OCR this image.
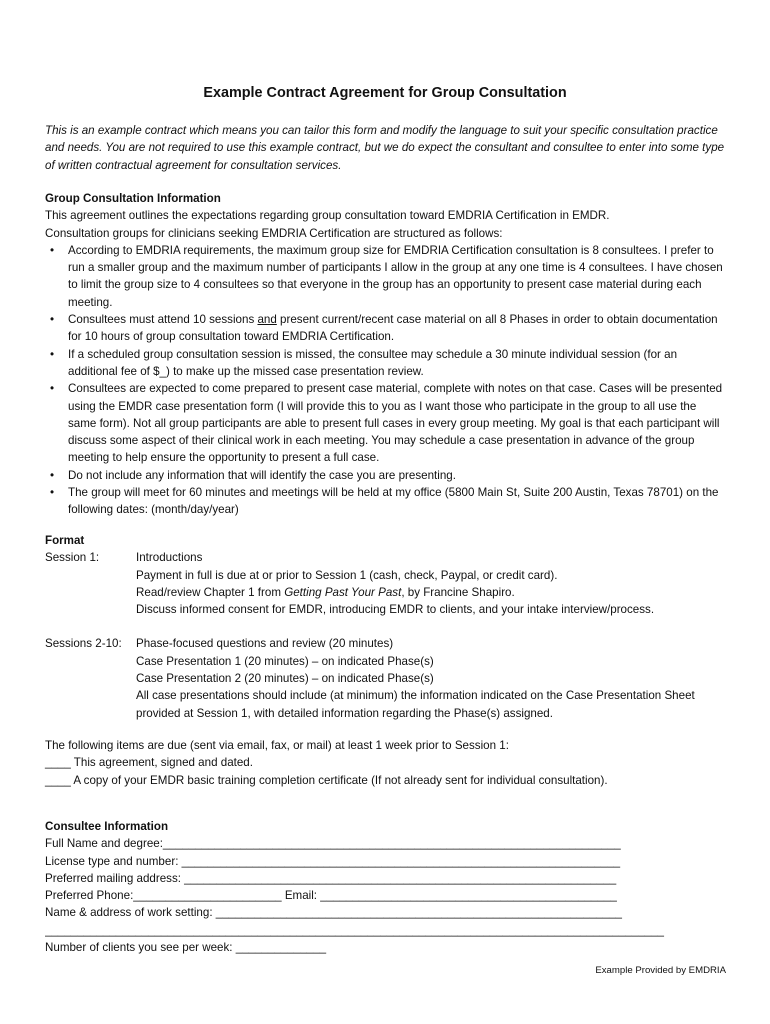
Example Contract Agreement for Group Consultation
This is an example contract which means you can tailor this form and modify the language to suit your specific consultation practice and needs. You are not required to use this example contract, but we do expect the consultant and consultee to enter into some type of written contractual agreement for consultation services.
Group Consultation Information
This agreement outlines the expectations regarding group consultation toward EMDRIA Certification in EMDR.
Consultation groups for clinicians seeking EMDRIA Certification are structured as follows:
• According to EMDRIA requirements, the maximum group size for EMDRIA Certification consultation is 8 consultees. I prefer to run a smaller group and the maximum number of participants I allow in the group at any one time is 4 consultees. I have chosen to limit the group size to 4 consultees so that everyone in the group has an opportunity to present case material during each meeting.
• Consultees must attend 10 sessions and present current/recent case material on all 8 Phases in order to obtain documentation for 10 hours of group consultation toward EMDRIA Certification.
• If a scheduled group consultation session is missed, the consultee may schedule a 30 minute individual session (for an additional fee of $_) to make up the missed case presentation review.
• Consultees are expected to come prepared to present case material, complete with notes on that case. Cases will be presented using the EMDR case presentation form (I will provide this to you as I want those who participate in the group to all use the same form). Not all group participants are able to present full cases in every group meeting. My goal is that each participant will discuss some aspect of their clinical work in each meeting. You may schedule a case presentation in advance of the group meeting to help ensure the opportunity to present a full case.
• Do not include any information that will identify the case you are presenting.
• The group will meet for 60 minutes and meetings will be held at my office (5800 Main St, Suite 200 Austin, Texas 78701) on the following dates: (month/day/year)
Format
Session 1:	Introductions
Payment in full is due at or prior to Session 1 (cash, check, Paypal, or credit card).
Read/review Chapter 1 from Getting Past Your Past, by Francine Shapiro.
Discuss informed consent for EMDR, introducing EMDR to clients, and your intake interview/process.
Sessions 2-10:	Phase-focused questions and review (20 minutes)
Case Presentation 1 (20 minutes) – on indicated Phase(s)
Case Presentation 2 (20 minutes) – on indicated Phase(s)
All case presentations should include (at minimum) the information indicated on the Case Presentation Sheet provided at Session 1, with detailed information regarding the Phase(s) assigned.
The following items are due (sent via email, fax, or mail) at least 1 week prior to Session 1:
____ This agreement, signed and dated.
____ A copy of your EMDR basic training completion certificate (If not already sent for individual consultation).
Consultee Information
Full Name and degree:_______________________________________________________________________
License type and number: ____________________________________________________________________
Preferred mailing address: ___________________________________________________________________
Preferred Phone:_______________________ Email: ______________________________________________
Name & address of work setting: _______________________________________________________________
________________________________________________________________________________________________
Number of clients you see per week: ______________
Example Provided by EMDRIA
